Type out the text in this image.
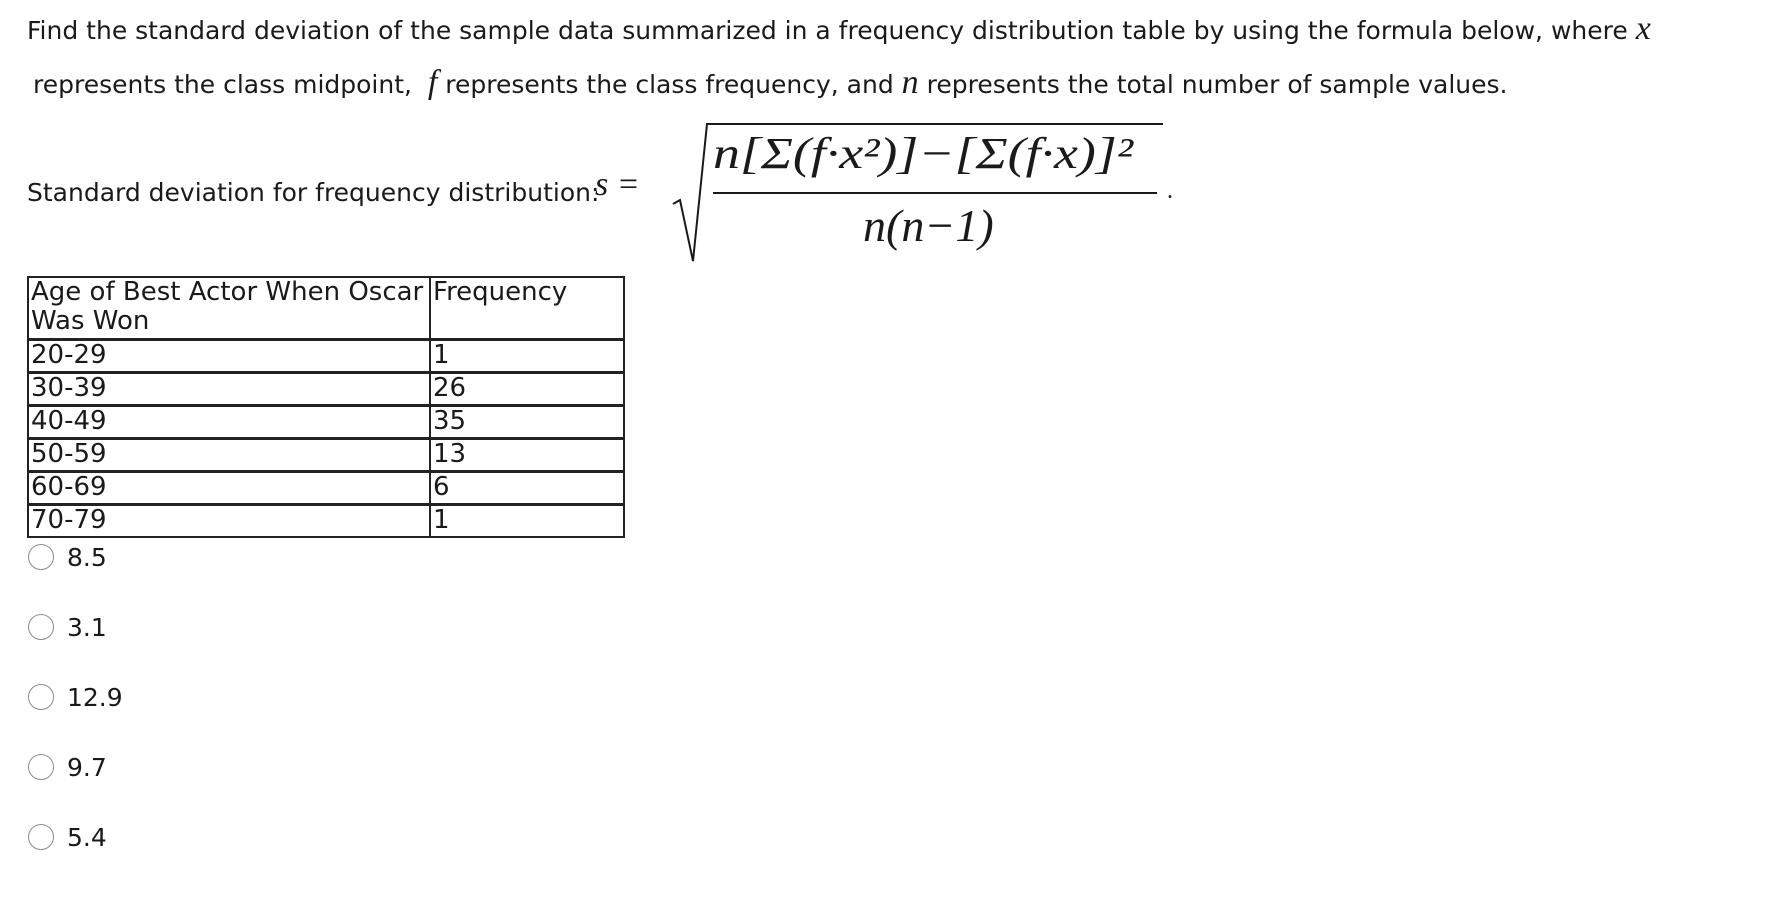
Find the standard deviation of the sample data summarized in a frequency distribution table by using the formula below, where x
represents the class midpoint, f represents the class frequency, and n represents the total number of sample values.
Standard deviation for frequency distribution:
s =
n[Σ(f·x²)]−[Σ(f·x)]²
n(n−1)
.
Age of Best Actor When Oscar Was Won	Frequency
20-29	1
30-39	26
40-49	35
50-59	13
60-69	6
70-79	1
8.5
3.1
12.9
9.7
5.4
